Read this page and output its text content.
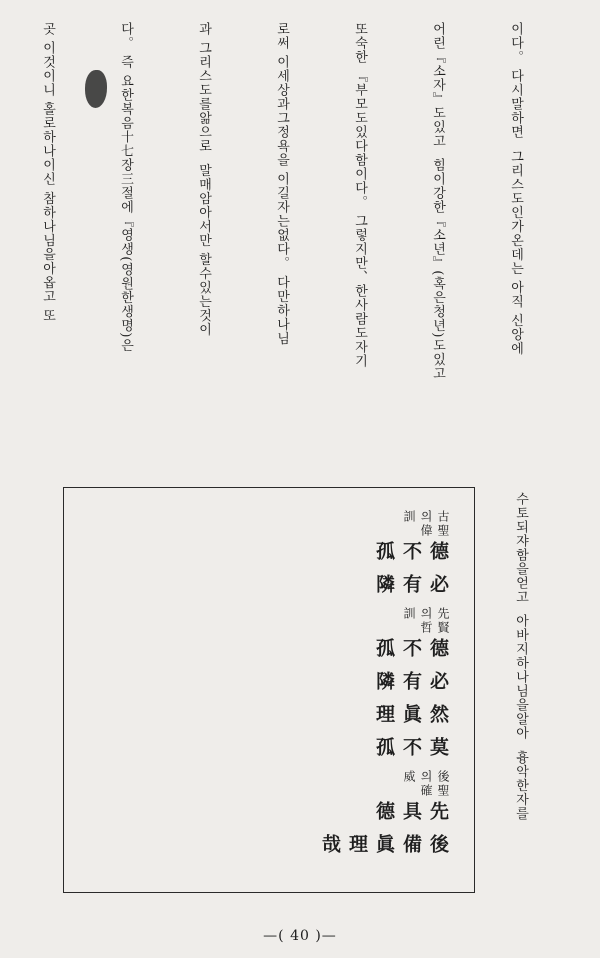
이다。 다시말하면  그리스도인가온데는 아직 신앙에

어린『소자』도있고  힘이강한『소년』(혹은청년)도있고

또숙한 『부모도있다함이다。 그렇지만、한사람도자기

로써 이세상과그정욕을 이길자는없다。 다만하나님

과 그리스도를앎으로  말매암아서만 할수있는것이

다。 즉 요한복음十七장三절에『영생(영원한생명)은

곳 이것이니 홀로하나이신 참하나님을아옵고 또

수토되쟈함을얻고  아바지하나님을알아  흉악한자를

古聖의偉訓
德不孤
必有隣
先賢의哲訓
德不孤
必有隣
然眞理
莫不孤
後聖의確威
先具德
後備眞理哉
—( 40 )—
